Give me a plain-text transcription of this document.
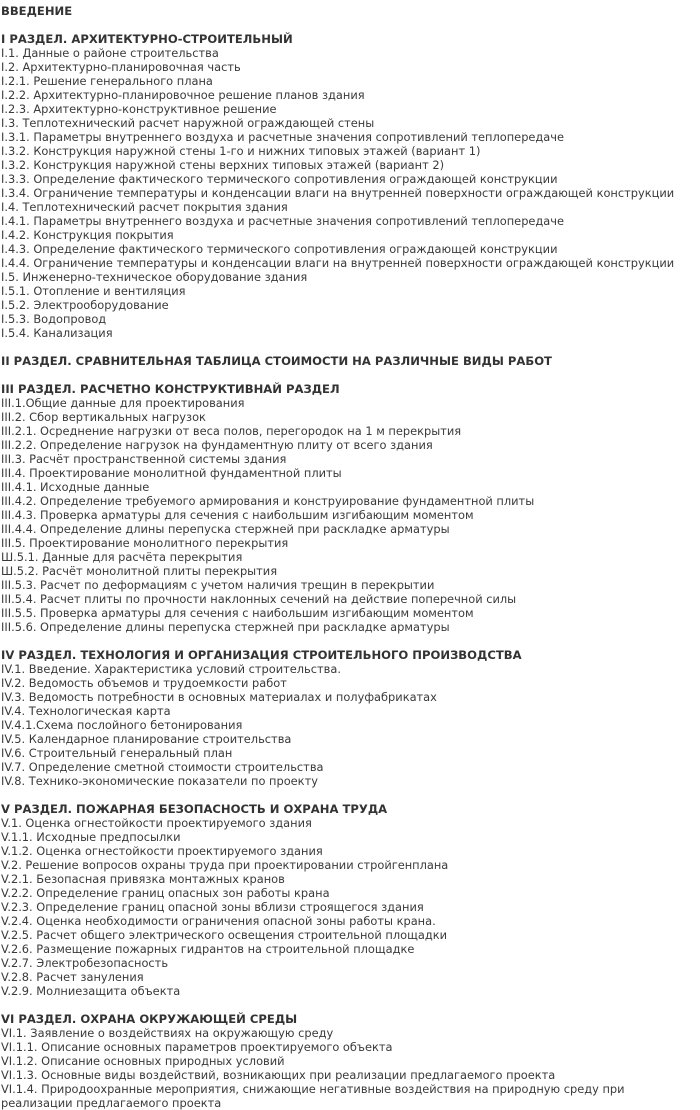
ВВЕДЕНИЕ
I РАЗДЕЛ. АРХИТЕКТУРНО-СТРОИТЕЛЬНЫЙ
I.1. Данные о районе строительства
I.2. Архитектурно-планировочная часть
I.2.1. Решение генерального плана
I.2.2. Архитектурно-планировочное решение планов здания
I.2.3. Архитектурно-конструктивное решение
I.3. Теплотехнический расчет наружной ограждающей стены
I.3.1. Параметры внутреннего воздуха и расчетные значения сопротивлений теплопередаче
I.3.2. Конструкция наружной стены 1-го и нижних типовых этажей (вариант 1)
I.3.2. Конструкция наружной стены верхних типовых этажей (вариант 2)
I.3.3. Определение фактического термического сопротивления ограждающей конструкции
I.3.4. Ограничение температуры и конденсации влаги на внутренней поверхности ограждающей конструкции
I.4. Теплотехнический расчет покрытия здания
I.4.1. Параметры внутреннего воздуха и расчетные значения сопротивлений теплопередаче
I.4.2. Конструкция покрытия
I.4.3. Определение фактического термического сопротивления ограждающей конструкции
I.4.4. Ограничение температуры и конденсации влаги на внутренней поверхности ограждающей конструкции
I.5. Инженерно-техническое оборудование здания
I.5.1. Отопление и вентиляция
I.5.2. Электрооборудование
I.5.3. Водопровод
I.5.4. Канализация
II РАЗДЕЛ. СРАВНИТЕЛЬНАЯ ТАБЛИЦА СТОИМОСТИ НА РАЗЛИЧНЫЕ ВИДЫ РАБОТ
III РАЗДЕЛ. РАСЧЕТНО КОНСТРУКТИВНАЙ РАЗДЕЛ
III.1.Общие данные для проектирования
III.2. Сбор вертикальных нагрузок
III.2.1. Осреднение нагрузки от веса полов, перегородок на 1 м перекрытия
III.2.2. Определение нагрузок на фундаментную плиту от всего здания
III.3. Расчёт пространственной системы здания
III.4. Проектирование монолитной фундаментной плиты
III.4.1. Исходные данные
III.4.2. Определение требуемого армирования и конструирование фундаментной плиты
III.4.3. Проверка арматуры для сечения с наибольшим изгибающим моментом
III.4.4. Определение длины перепуска стержней при раскладке арматуры
III.5. Проектирование монолитного перекрытия
Ш.5.1. Данные для расчёта перекрытия
Ш.5.2. Расчёт монолитной плиты перекрытия
III.5.3. Расчет по деформациям с учетом наличия трещин в перекрытии
III.5.4. Расчет плиты по прочности наклонных сечений на действие поперечной силы
III.5.5. Проверка арматуры для сечения с наибольшим изгибающим моментом
III.5.6. Определение длины перепуска стержней при раскладке арматуры
IV РАЗДЕЛ. ТЕХНОЛОГИЯ И ОРГАНИЗАЦИЯ СТРОИТЕЛЬНОГО ПРОИЗВОДСТВА
IV.1. Введение. Характеристика условий строительства.
IV.2. Ведомость объемов и трудоемкости работ
IV.3. Ведомость потребности в основных материалах и полуфабрикатах
IV.4. Технологическая карта
IV.4.1.Схема послойного бетонирования
IV.5. Календарное планирование строительства
IV.6. Строительный генеральный план
IV.7. Определение сметной стоимости строительства
IV.8. Технико-экономические показатели по проекту
V РАЗДЕЛ. ПОЖАРНАЯ БЕЗОПАСНОСТЬ И ОХРАНА ТРУДА
V.1. Оценка огнестойкости проектируемого здания
V.1.1. Исходные предпосылки
V.1.2. Оценка огнестойкости проектируемого здания
V.2. Решение вопросов охраны труда при проектировании стройгенплана
V.2.1. Безопасная привязка монтажных кранов
V.2.2. Определение границ опасных зон работы крана
V.2.3. Определение границ опасной зоны вблизи строящегося здания
V.2.4. Оценка необходимости ограничения опасной зоны работы крана.
V.2.5. Расчет общего электрического освещения строительной площадки
V.2.6. Размещение пожарных гидрантов на строительной площадке
V.2.7. Электробезопасность
V.2.8. Расчет зануления
V.2.9. Молниезащита объекта
VI РАЗДЕЛ. ОХРАНА ОКРУЖАЮЩЕЙ СРЕДЫ
VI.1. Заявление о воздействиях на окружающую среду
VI.1.1. Описание основных параметров проектируемого объекта
VI.1.2. Описание основных природных условий
VI.1.3. Основные виды воздействий, возникающих при реализации предлагаемого проекта
VI.1.4. Природоохранные мероприятия, снижающие негативные воздействия на природную среду при реализации предлагаемого проекта
